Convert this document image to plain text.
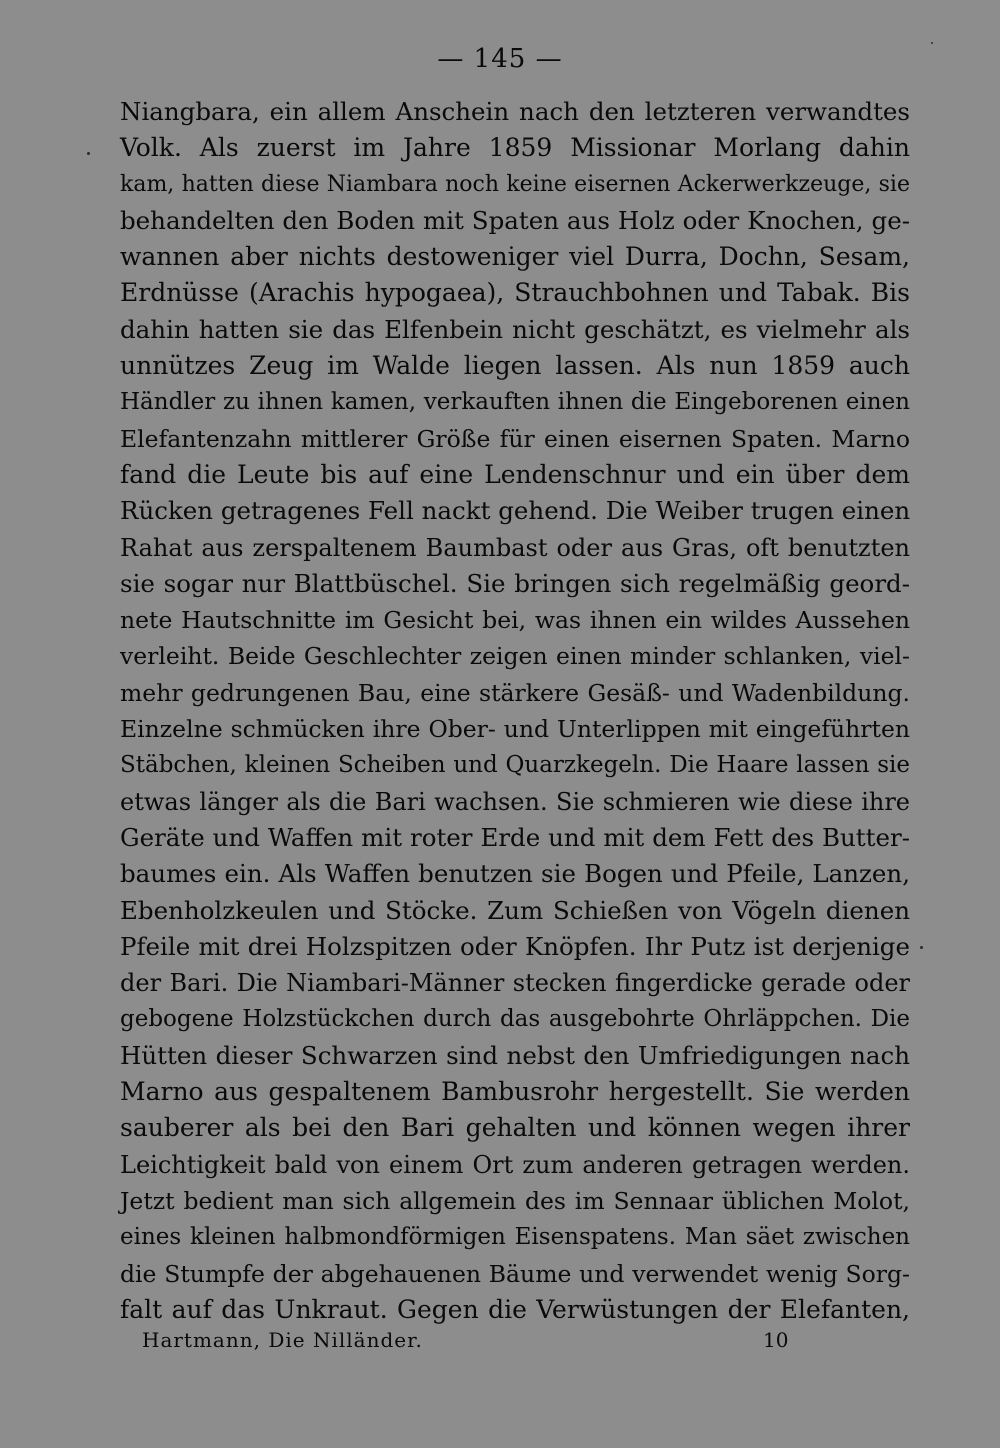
— 145 —
Niangbara, ein allem Anschein nach den letzteren verwandtes
Volk. Als zuerst im Jahre 1859 Missionar Morlang dahin
kam, hatten diese Niambara noch keine eisernen Ackerwerkzeuge, sie
behandelten den Boden mit Spaten aus Holz oder Knochen, ge-
wannen aber nichts destoweniger viel Durra, Dochn, Sesam,
Erdnüsse (Arachis hypogaea), Strauchbohnen und Tabak. Bis
dahin hatten sie das Elfenbein nicht geschätzt, es vielmehr als
unnützes Zeug im Walde liegen lassen. Als nun 1859 auch
Händler zu ihnen kamen, verkauften ihnen die Eingeborenen einen
Elefantenzahn mittlerer Größe für einen eisernen Spaten. Marno
fand die Leute bis auf eine Lendenschnur und ein über dem
Rücken getragenes Fell nackt gehend. Die Weiber trugen einen
Rahat aus zerspaltenem Baumbast oder aus Gras, oft benutzten
sie sogar nur Blattbüschel. Sie bringen sich regelmäßig geord-
nete Hautschnitte im Gesicht bei, was ihnen ein wildes Aussehen
verleiht. Beide Geschlechter zeigen einen minder schlanken, viel-
mehr gedrungenen Bau, eine stärkere Gesäß- und Wadenbildung.
Einzelne schmücken ihre Ober- und Unterlippen mit eingeführten
Stäbchen, kleinen Scheiben und Quarzkegeln. Die Haare lassen sie
etwas länger als die Bari wachsen. Sie schmieren wie diese ihre
Geräte und Waffen mit roter Erde und mit dem Fett des Butter-
baumes ein. Als Waffen benutzen sie Bogen und Pfeile, Lanzen,
Ebenholzkeulen und Stöcke. Zum Schießen von Vögeln dienen
Pfeile mit drei Holzspitzen oder Knöpfen. Ihr Putz ist derjenige
der Bari. Die Niambari-Männer stecken fingerdicke gerade oder
gebogene Holzstückchen durch das ausgebohrte Ohrläppchen. Die
Hütten dieser Schwarzen sind nebst den Umfriedigungen nach
Marno aus gespaltenem Bambusrohr hergestellt. Sie werden
sauberer als bei den Bari gehalten und können wegen ihrer
Leichtigkeit bald von einem Ort zum anderen getragen werden.
Jetzt bedient man sich allgemein des im Sennaar üblichen Molot,
eines kleinen halbmondförmigen Eisenspatens. Man säet zwischen
die Stumpfe der abgehauenen Bäume und verwendet wenig Sorg-
falt auf das Unkraut. Gegen die Verwüstungen der Elefanten,
Hartmann, Die Nilländer.	10
